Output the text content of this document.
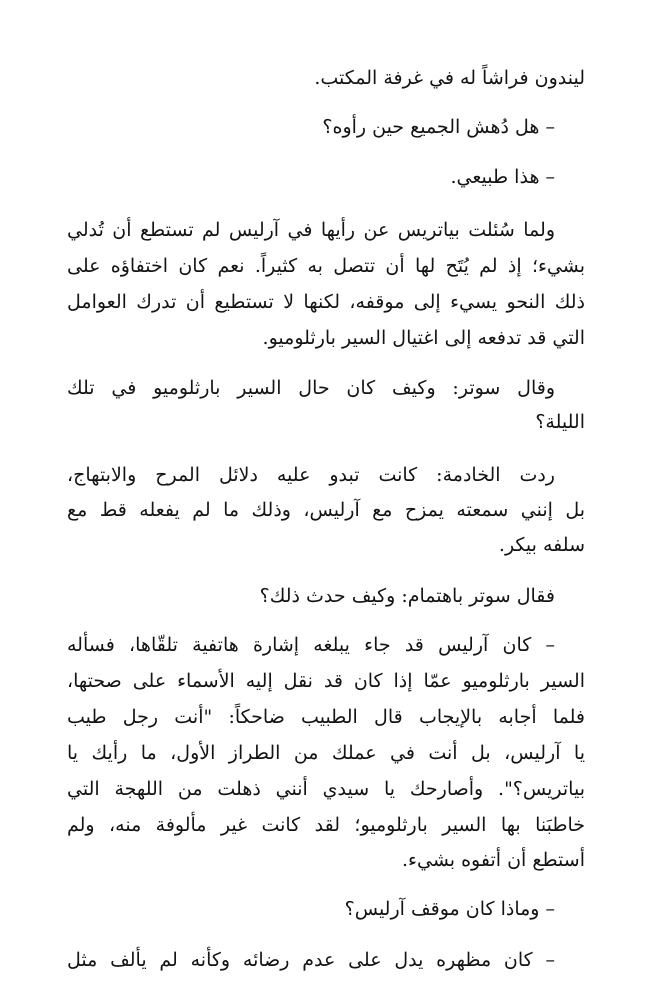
ليندون فراشاً له في غرفة المكتب.
– هل دُهش الجميع حين رأوه؟
– هذا طبيعي.
ولما سُئلت بياتريس عن رأيها في آرليس لم تستطع أن تُدلي
بشيء؛ إذ لم يُتَح لها أن تتصل به كثيراً. نعم كان اختفاؤه على
ذلك النحو يسيء إلى موقفه، لكنها لا تستطيع أن تدرك العوامل
التي قد تدفعه إلى اغتيال السير بارثلوميو.
وقال سوتر: وكيف كان حال السير بارثلوميو في تلك
الليلة؟
ردت الخادمة: كانت تبدو عليه دلائل المرح والابتهاج،
بل إنني سمعته يمزح مع آرليس، وذلك ما لم يفعله قط مع
سلفه بيكر.
فقال سوتر باهتمام: وكيف حدث ذلك؟
– كان آرليس قد جاء يبلغه إشارة هاتفية تلقّاها، فسأله
السير بارثلوميو عمّا إذا كان قد نقل إليه الأسماء على صحتها،
فلما أجابه بالإيجاب قال الطبيب ضاحكاً: "أنت رجل طيب
يا آرليس، بل أنت في عملك من الطراز الأول، ما رأيك يا
بياتريس؟". وأصارحك يا سيدي أنني ذهلت من اللهجة التي
خاطبَنا بها السير بارثلوميو؛ لقد كانت غير مألوفة منه، ولم
أستطع أن أتفوه بشيء.
– وماذا كان موقف آرليس؟
– كان مظهره يدل على عدم رضائه وكأنه لم يألف مثل
